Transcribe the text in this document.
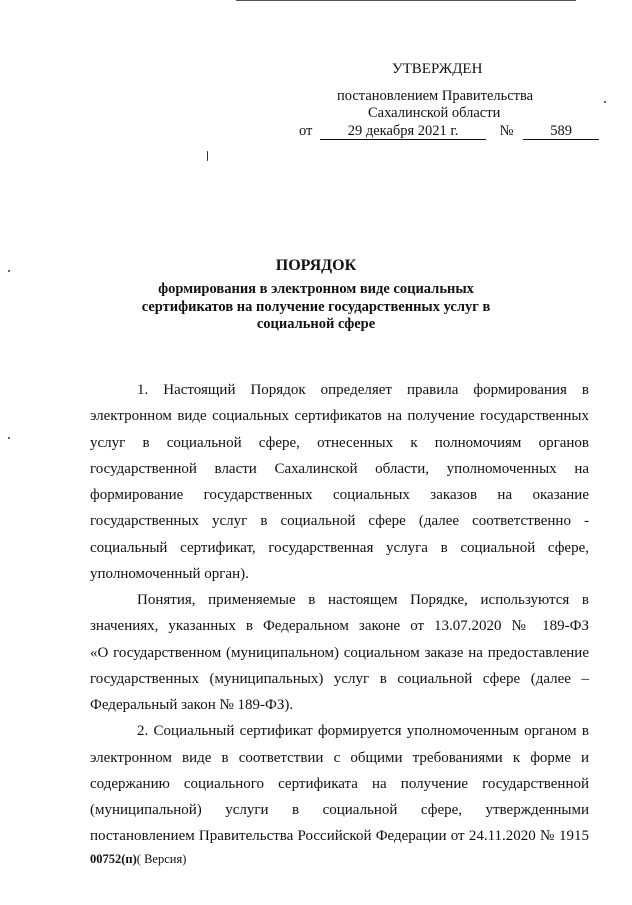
УТВЕРЖДЕН
постановлением Правительства
Сахалинской области
от 29 декабря 2021 г.	№	589
ПОРЯДОК
формирования в электронном виде социальных
сертификатов на получение государственных услуг в
социальной сфере
1. Настоящий Порядок определяет правила формирования в
электронном виде социальных сертификатов на получение государственных
услуг в социальной сфере, отнесенных к полномочиям органов
государственной власти Сахалинской области, уполномоченных на
формирование государственных социальных заказов на оказание
государственных услуг в социальной сфере (далее соответственно -
социальный сертификат, государственная услуга в социальной сфере,
уполномоченный орган).
Понятия, применяемые в настоящем Порядке, используются в
значениях, указанных в Федеральном законе от 13.07.2020 № 189-ФЗ
«О государственном (муниципальном) социальном заказе на предоставление
государственных (муниципальных) услуг в социальной сфере (далее –
Федеральный закон № 189-ФЗ).
2. Социальный сертификат формируется уполномоченным органом в
электронном виде в соответствии с общими требованиями к форме и
содержанию социального сертификата на получение государственной
(муниципальной) услуги в социальной сфере, утвержденными
постановлением Правительства Российской Федерации от 24.11.2020 № 1915
00752(п)( Версия)
